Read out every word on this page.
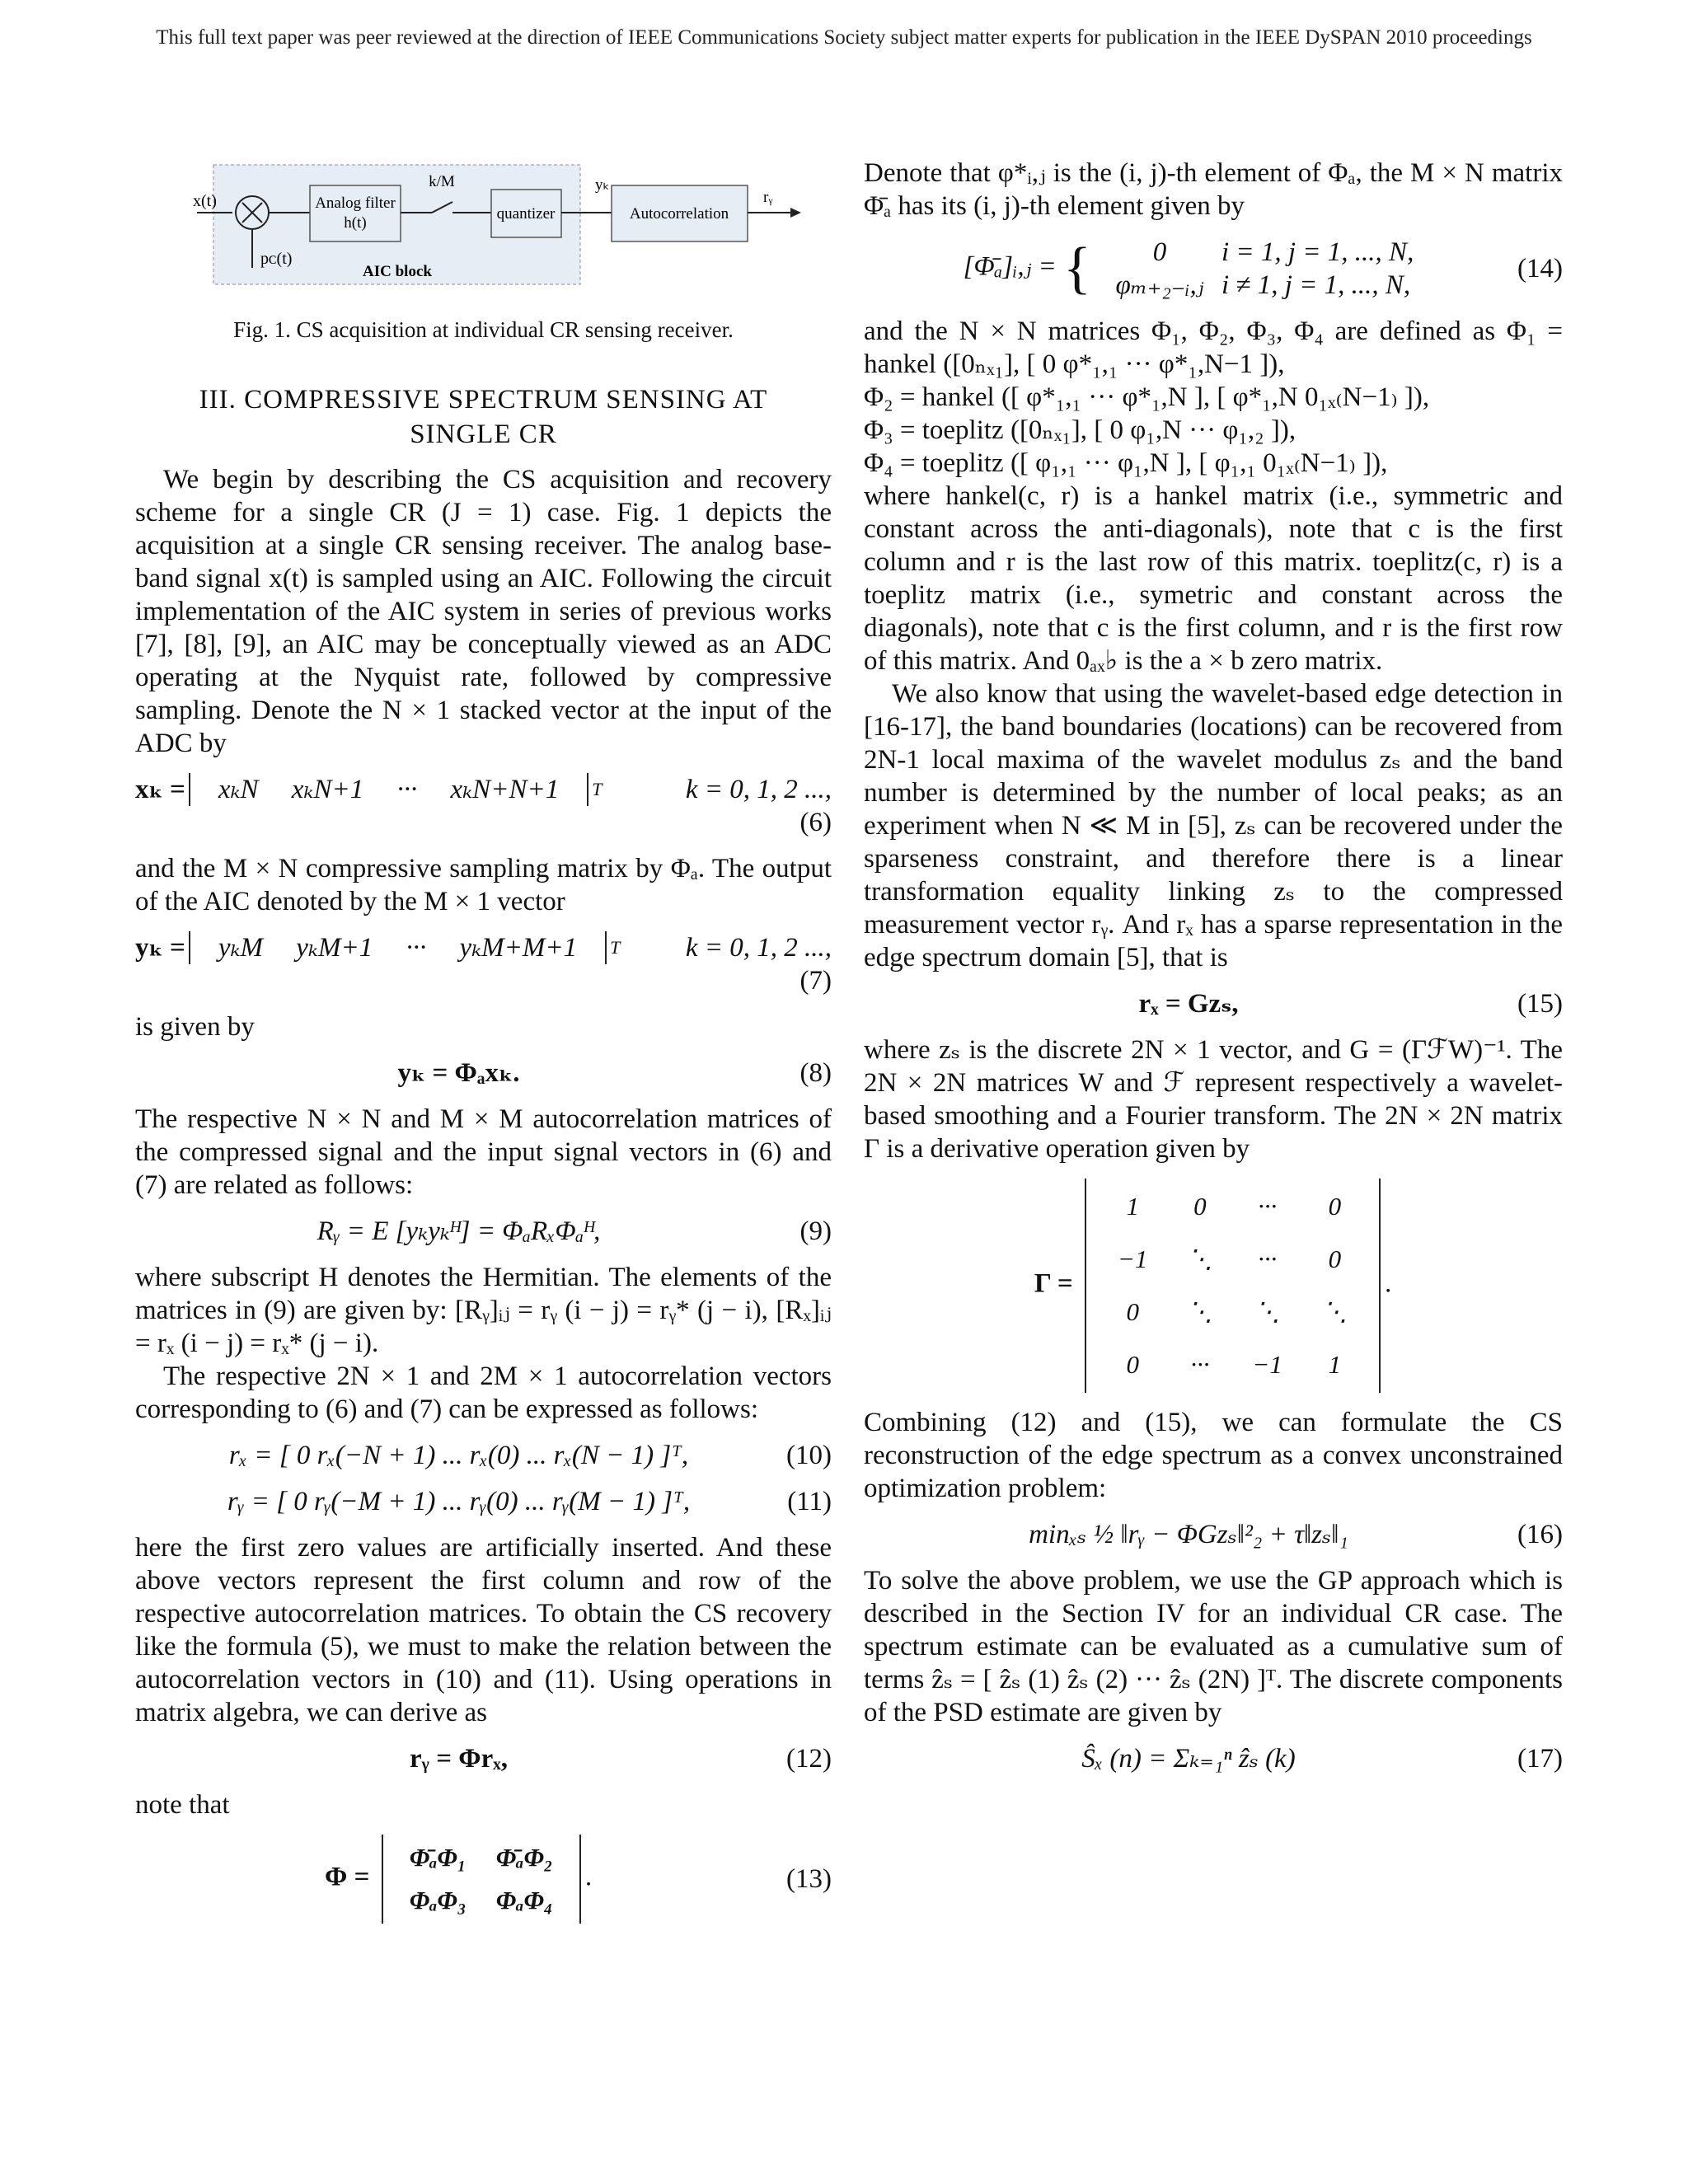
This full text paper was peer reviewed at the direction of IEEE Communications Society subject matter experts for publication in the IEEE DySPAN 2010 proceedings
x(t)
pᴄ(t)
Analog filter
h(t)
k/M
quantizer
yₖ
Autocorrelation
rᵧ
AIC block
Fig. 1. CS acquisition at individual CR sensing receiver.
III. COMPRESSIVE SPECTRUM SENSING AT
SINGLE CR

We begin by describing the CS acquisition and recovery scheme for a single CR (J = 1) case. Fig. 1 depicts the acquisition at a single CR sensing receiver. The analog base-band signal x(t) is sampled using an AIC. Following the circuit implementation of the AIC system in series of previous works [7], [8], [9], an AIC may be conceptually viewed as an ADC operating at the Nyquist rate, followed by compressive sampling. Denote the N × 1 stacked vector at the input of the ADC by

xₖ =	xₖN xₖN+1 ··· xₖN+N+1	T	k = 0, 1, 2 ...,
(6)

and the M × N compressive sampling matrix by Φₐ. The output of the AIC denoted by the M × 1 vector

yₖ =	yₖM yₖM+1 ··· yₖM+M+1	T	k = 0, 1, 2 ...,
(7)

is given by

yₖ = Φₐxₖ.	(8)

The respective N × N and M × M autocorrelation matrices of the compressed signal and the input signal vectors in (6) and (7) are related as follows:

Rᵧ = E [yₖyₖᴴ] = ΦₐRₓΦₐᴴ,	(9)

where subscript H denotes the Hermitian. The elements of the matrices in (9) are given by: [Rᵧ]ᵢⱼ = rᵧ (i − j) = rᵧ* (j − i), [Rₓ]ᵢⱼ = rₓ (i − j) = rₓ* (j − i).

The respective 2N × 1 and 2M × 1 autocorrelation vectors corresponding to (6) and (7) can be expressed as follows:

rₓ = [ 0 rₓ(−N + 1) ... rₓ(0) ... rₓ(N − 1) ]ᵀ,	(10)
rᵧ = [ 0 rᵧ(−M + 1) ... rᵧ(0) ... rᵧ(M − 1) ]ᵀ,	(11)

here the first zero values are artificially inserted. And these above vectors represent the first column and row of the respective autocorrelation matrices. To obtain the CS recovery like the formula (5), we must to make the relation between the autocorrelation vectors in (10) and (11). Using operations in matrix algebra, we can derive as

rᵧ = Φrₓ,	(12)

note that

Φ =
Φ̄ₐΦ₁	Φ̄ₐΦ₂
ΦₐΦ₃	ΦₐΦ₄
.	(13)

Denote that φ*ᵢ,ⱼ is the (i, j)-th element of Φₐ, the M × N matrix Φ̄ₐ has its (i, j)-th element given by

[Φ̄ₐ]ᵢ,ⱼ = {	0 i = 1, j = 1, ..., N,
φₘ₊₂₋ᵢ,ⱼ i ≠ 1, j = 1, ..., N,
(14)

and the N × N matrices Φ₁, Φ₂, Φ₃, Φ₄ are defined as Φ₁ = hankel ([0ₙₓ₁], [ 0 φ*₁,₁ ··· φ*₁,N−1 ]),

Φ₂ = hankel ([ φ*₁,₁ ··· φ*₁,N ], [ φ*₁,N 0₁ₓ₍N−1₎ ]),

Φ₃ = toeplitz ([0ₙₓ₁], [ 0 φ₁,N ··· φ₁,₂ ]),

Φ₄ = toeplitz ([ φ₁,₁ ··· φ₁,N ], [ φ₁,₁ 0₁ₓ₍N−1₎ ]),

where hankel(c, r) is a hankel matrix (i.e., symmetric and constant across the anti-diagonals), note that c is the first column and r is the last row of this matrix. toeplitz(c, r) is a toeplitz matrix (i.e., symetric and constant across the diagonals), note that c is the first column, and r is the first row of this matrix. And 0ₐₓ♭ is the a × b zero matrix.

We also know that using the wavelet-based edge detection in [16-17], the band boundaries (locations) can be recovered from 2N-1 local maxima of the wavelet modulus zₛ and the band number is determined by the number of local peaks; as an experiment when N ≪ M in [5], zₛ can be recovered under the sparseness constraint, and therefore there is a linear transformation equality linking zₛ to the compressed measurement vector rᵧ. And rₓ has a sparse representation in the edge spectrum domain [5], that is

rₓ = Gzₛ,	(15)

where zₛ is the discrete 2N × 1 vector, and G = (ΓℱW)⁻¹. The 2N × 2N matrices W and ℱ represent respectively a wavelet-based smoothing and a Fourier transform. The 2N × 2N matrix Γ is a derivative operation given by

Γ =
1	0	···	0
−1	⋱	···	0
0	⋱	⋱	⋱
0	···	−1	1
.

Combining (12) and (15), we can formulate the CS reconstruction of the edge spectrum as a convex unconstrained optimization problem:

minₓₛ ½ ‖rᵧ − ΦGzₛ‖²₂ + τ‖zₛ‖₁	(16)

To solve the above problem, we use the GP approach which is described in the Section IV for an individual CR case. The spectrum estimate can be evaluated as a cumulative sum of terms ẑₛ = [ ẑₛ (1) ẑₛ (2) ··· ẑₛ (2N) ]ᵀ. The discrete components of the PSD estimate are given by

Ŝₓ (n) = Σₖ₌₁ⁿ ẑₛ (k)	(17)
